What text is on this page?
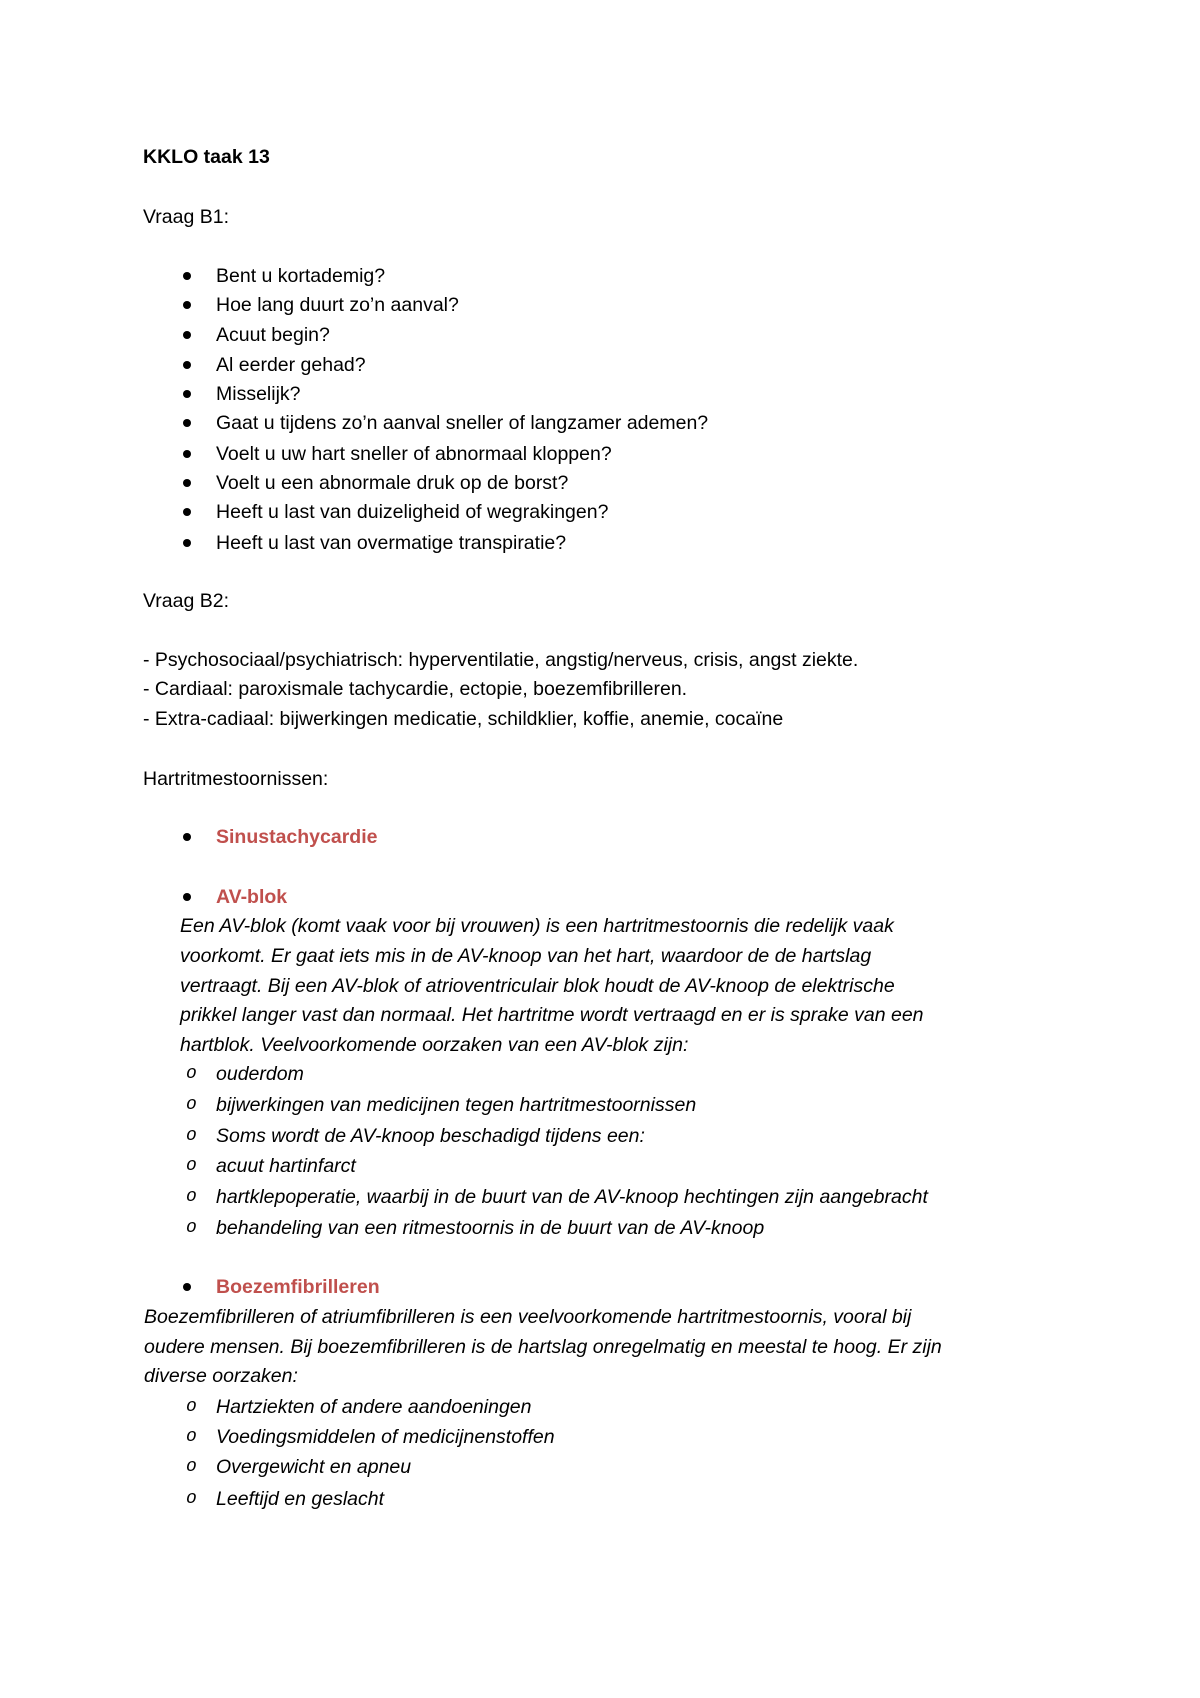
KKLO taak 13
Vraag B1:
Bent u kortademig?
Hoe lang duurt zo’n aanval?
Acuut begin?
Al eerder gehad?
Misselijk?
Gaat u tijdens zo’n aanval sneller of langzamer ademen?
Voelt u uw hart sneller of abnormaal kloppen?
Voelt u een abnormale druk op de borst?
Heeft u last van duizeligheid of wegrakingen?
Heeft u last van overmatige transpiratie?
Vraag B2:
- Psychosociaal/psychiatrisch: hyperventilatie, angstig/nerveus, crisis, angst ziekte.
- Cardiaal: paroxismale tachycardie, ectopie, boezemfibrilleren.
- Extra-cadiaal: bijwerkingen medicatie, schildklier, koffie, anemie, cocaïne
Hartritmestoornissen:
Sinustachycardie
AV-blok
Een AV-blok (komt vaak voor bij vrouwen) is een hartritmestoornis die redelijk vaak
voorkomt. Er gaat iets mis in de AV-knoop van het hart, waardoor de de hartslag
vertraagt. Bij een AV-blok of atrioventriculair blok houdt de AV-knoop de elektrische
prikkel langer vast dan normaal. Het hartritme wordt vertraagd en er is sprake van een
hartblok. Veelvoorkomende oorzaken van een AV-blok zijn:
o ouderdom
o bijwerkingen van medicijnen tegen hartritmestoornissen
o Soms wordt de AV-knoop beschadigd tijdens een:
o acuut hartinfarct
o hartklepoperatie, waarbij in de buurt van de AV-knoop hechtingen zijn aangebracht
o behandeling van een ritmestoornis in de buurt van de AV-knoop
Boezemfibrilleren
Boezemfibrilleren of atriumfibrilleren is een veelvoorkomende hartritmestoornis, vooral bij
oudere mensen. Bij boezemfibrilleren is de hartslag onregelmatig en meestal te hoog. Er zijn
diverse oorzaken:
o Hartziekten of andere aandoeningen
o Voedingsmiddelen of medicijnenstoffen
o Overgewicht en apneu
o Leeftijd en geslacht
